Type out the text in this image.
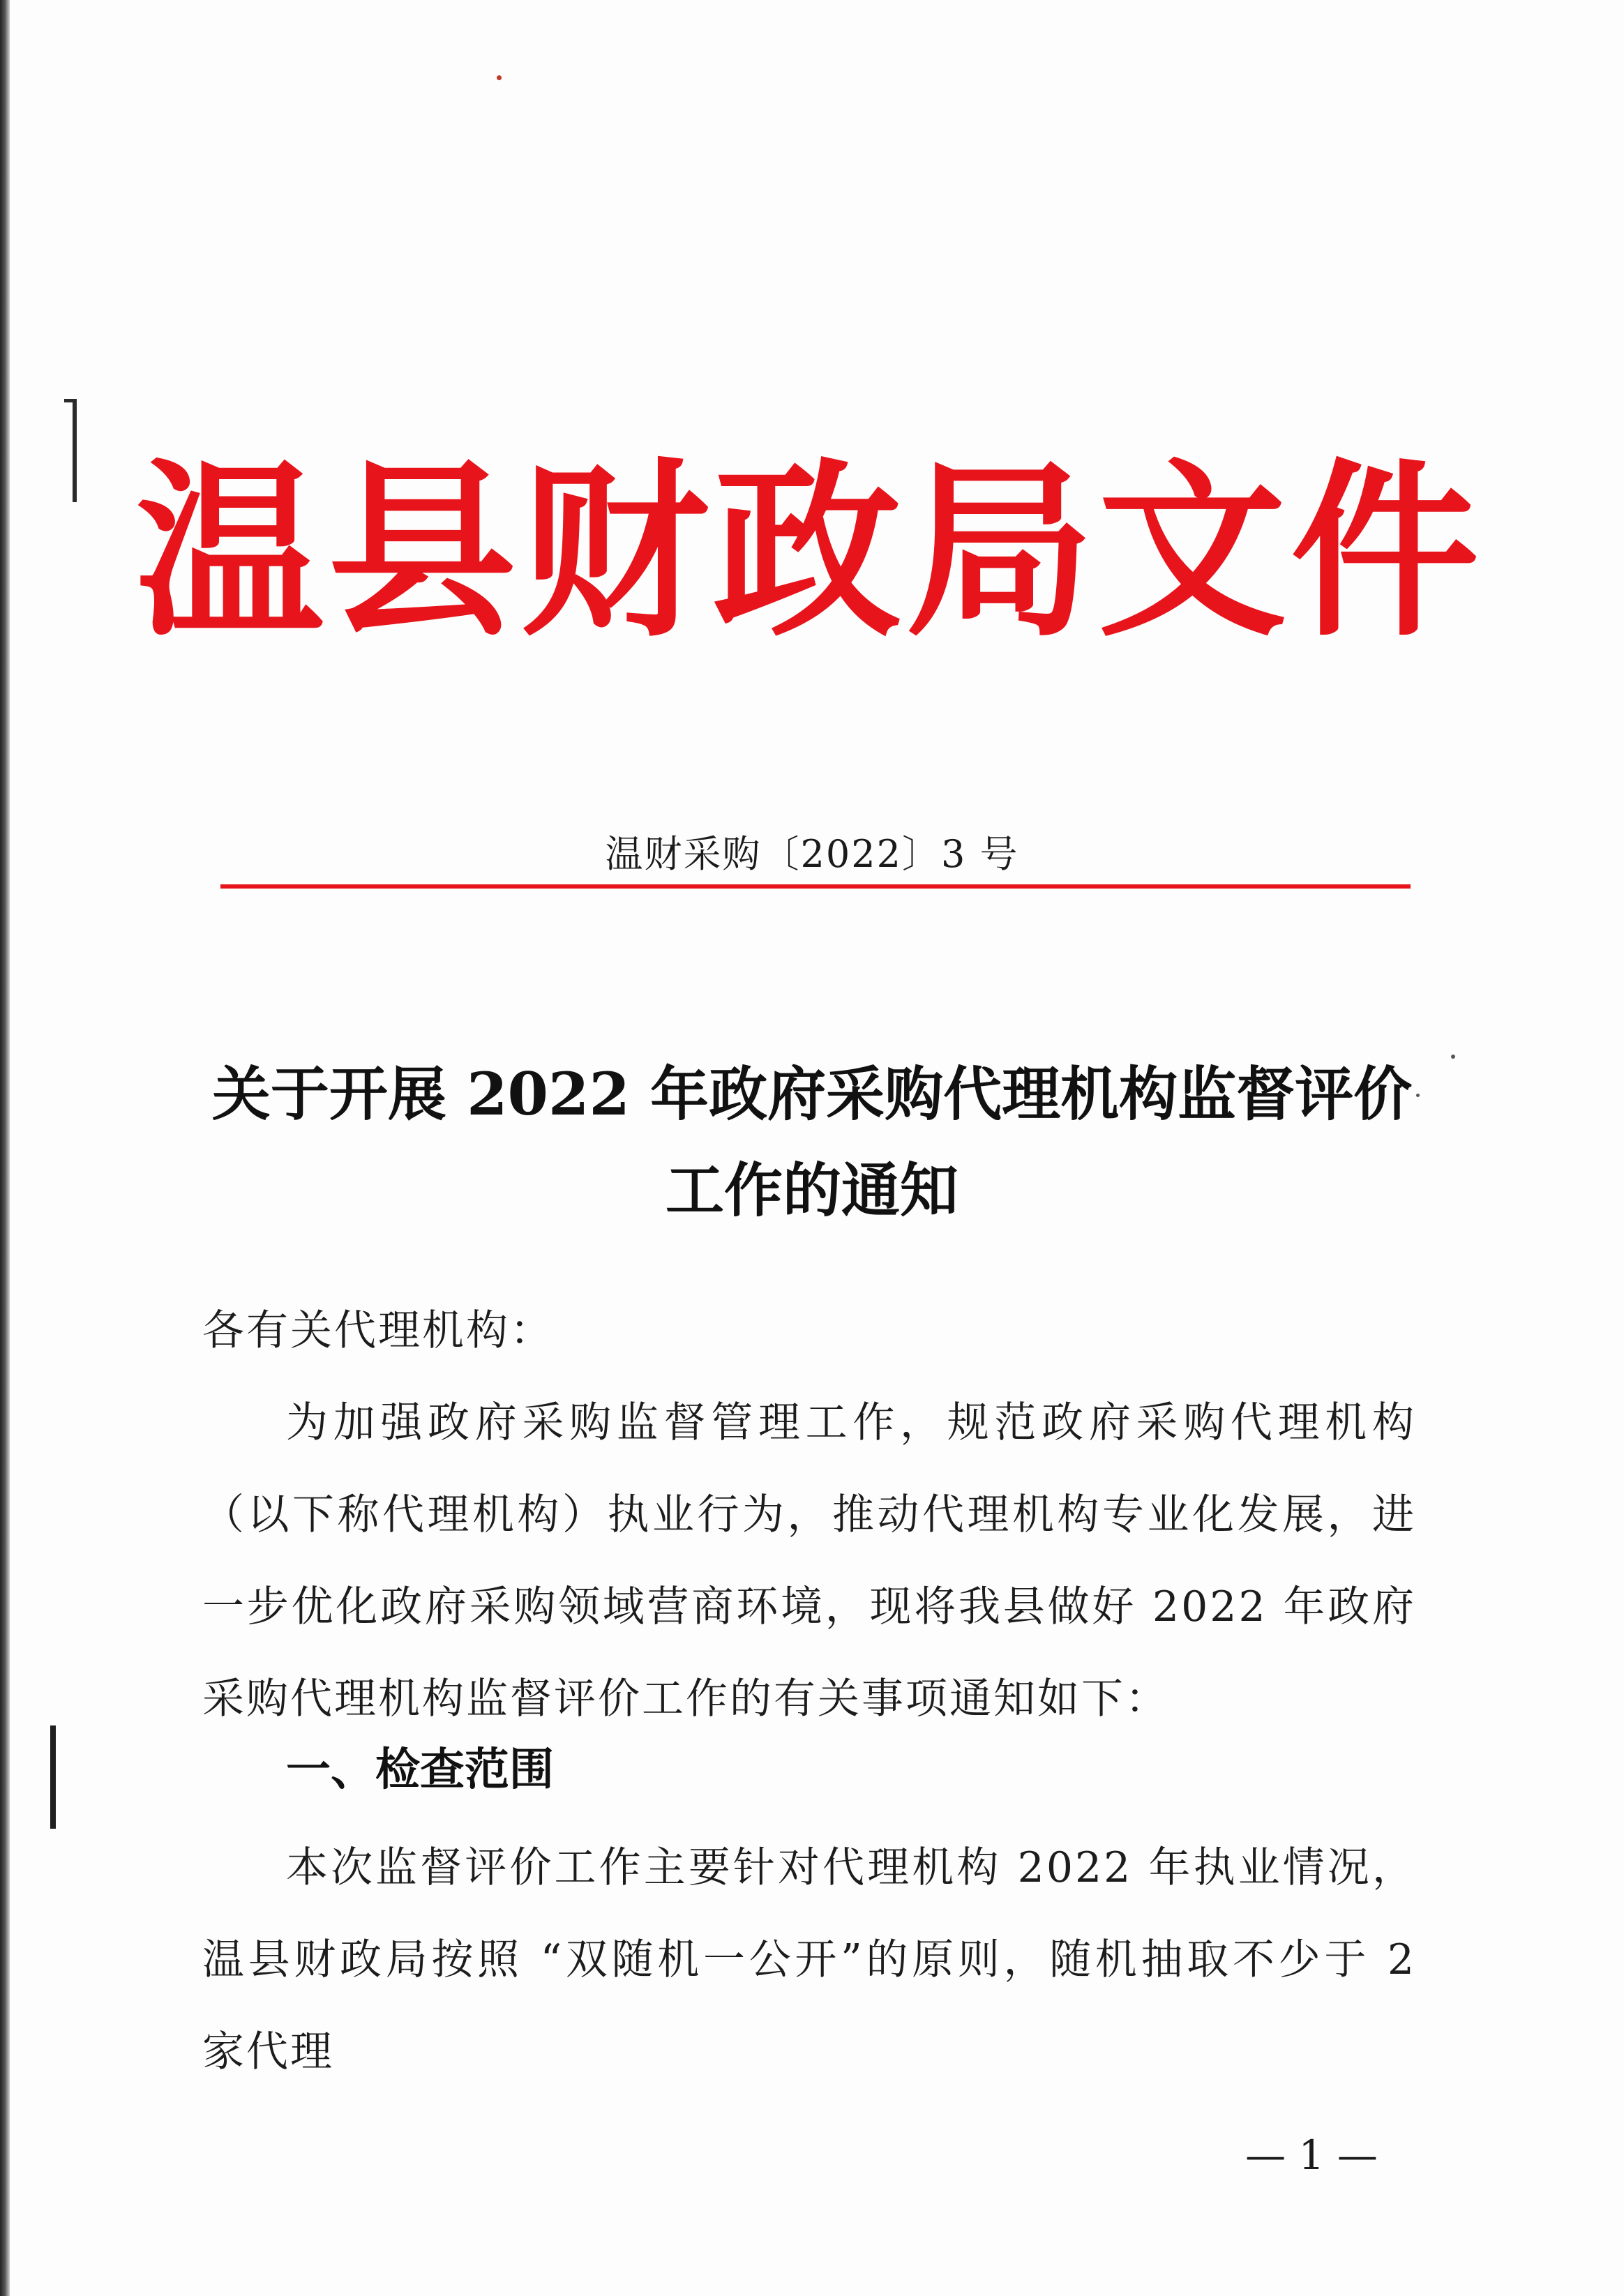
温县财政局文件
温财采购〔2022〕3 号
关于开展 2022 年政府采购代理机构监督评价
工作的通知
各有关代理机构：
为加强政府采购监督管理工作，规范政府采购代理机构（以下称代理机构）执业行为，推动代理机构专业化发展，进一步优化政府采购领域营商环境，现将我县做好 2022 年政府采购代理机构监督评价工作的有关事项通知如下：
一、检查范围
本次监督评价工作主要针对代理机构 2022 年执业情况，温县财政局按照 “双随机一公开”的原则，随机抽取不少于 2 家代理
— 1 —
